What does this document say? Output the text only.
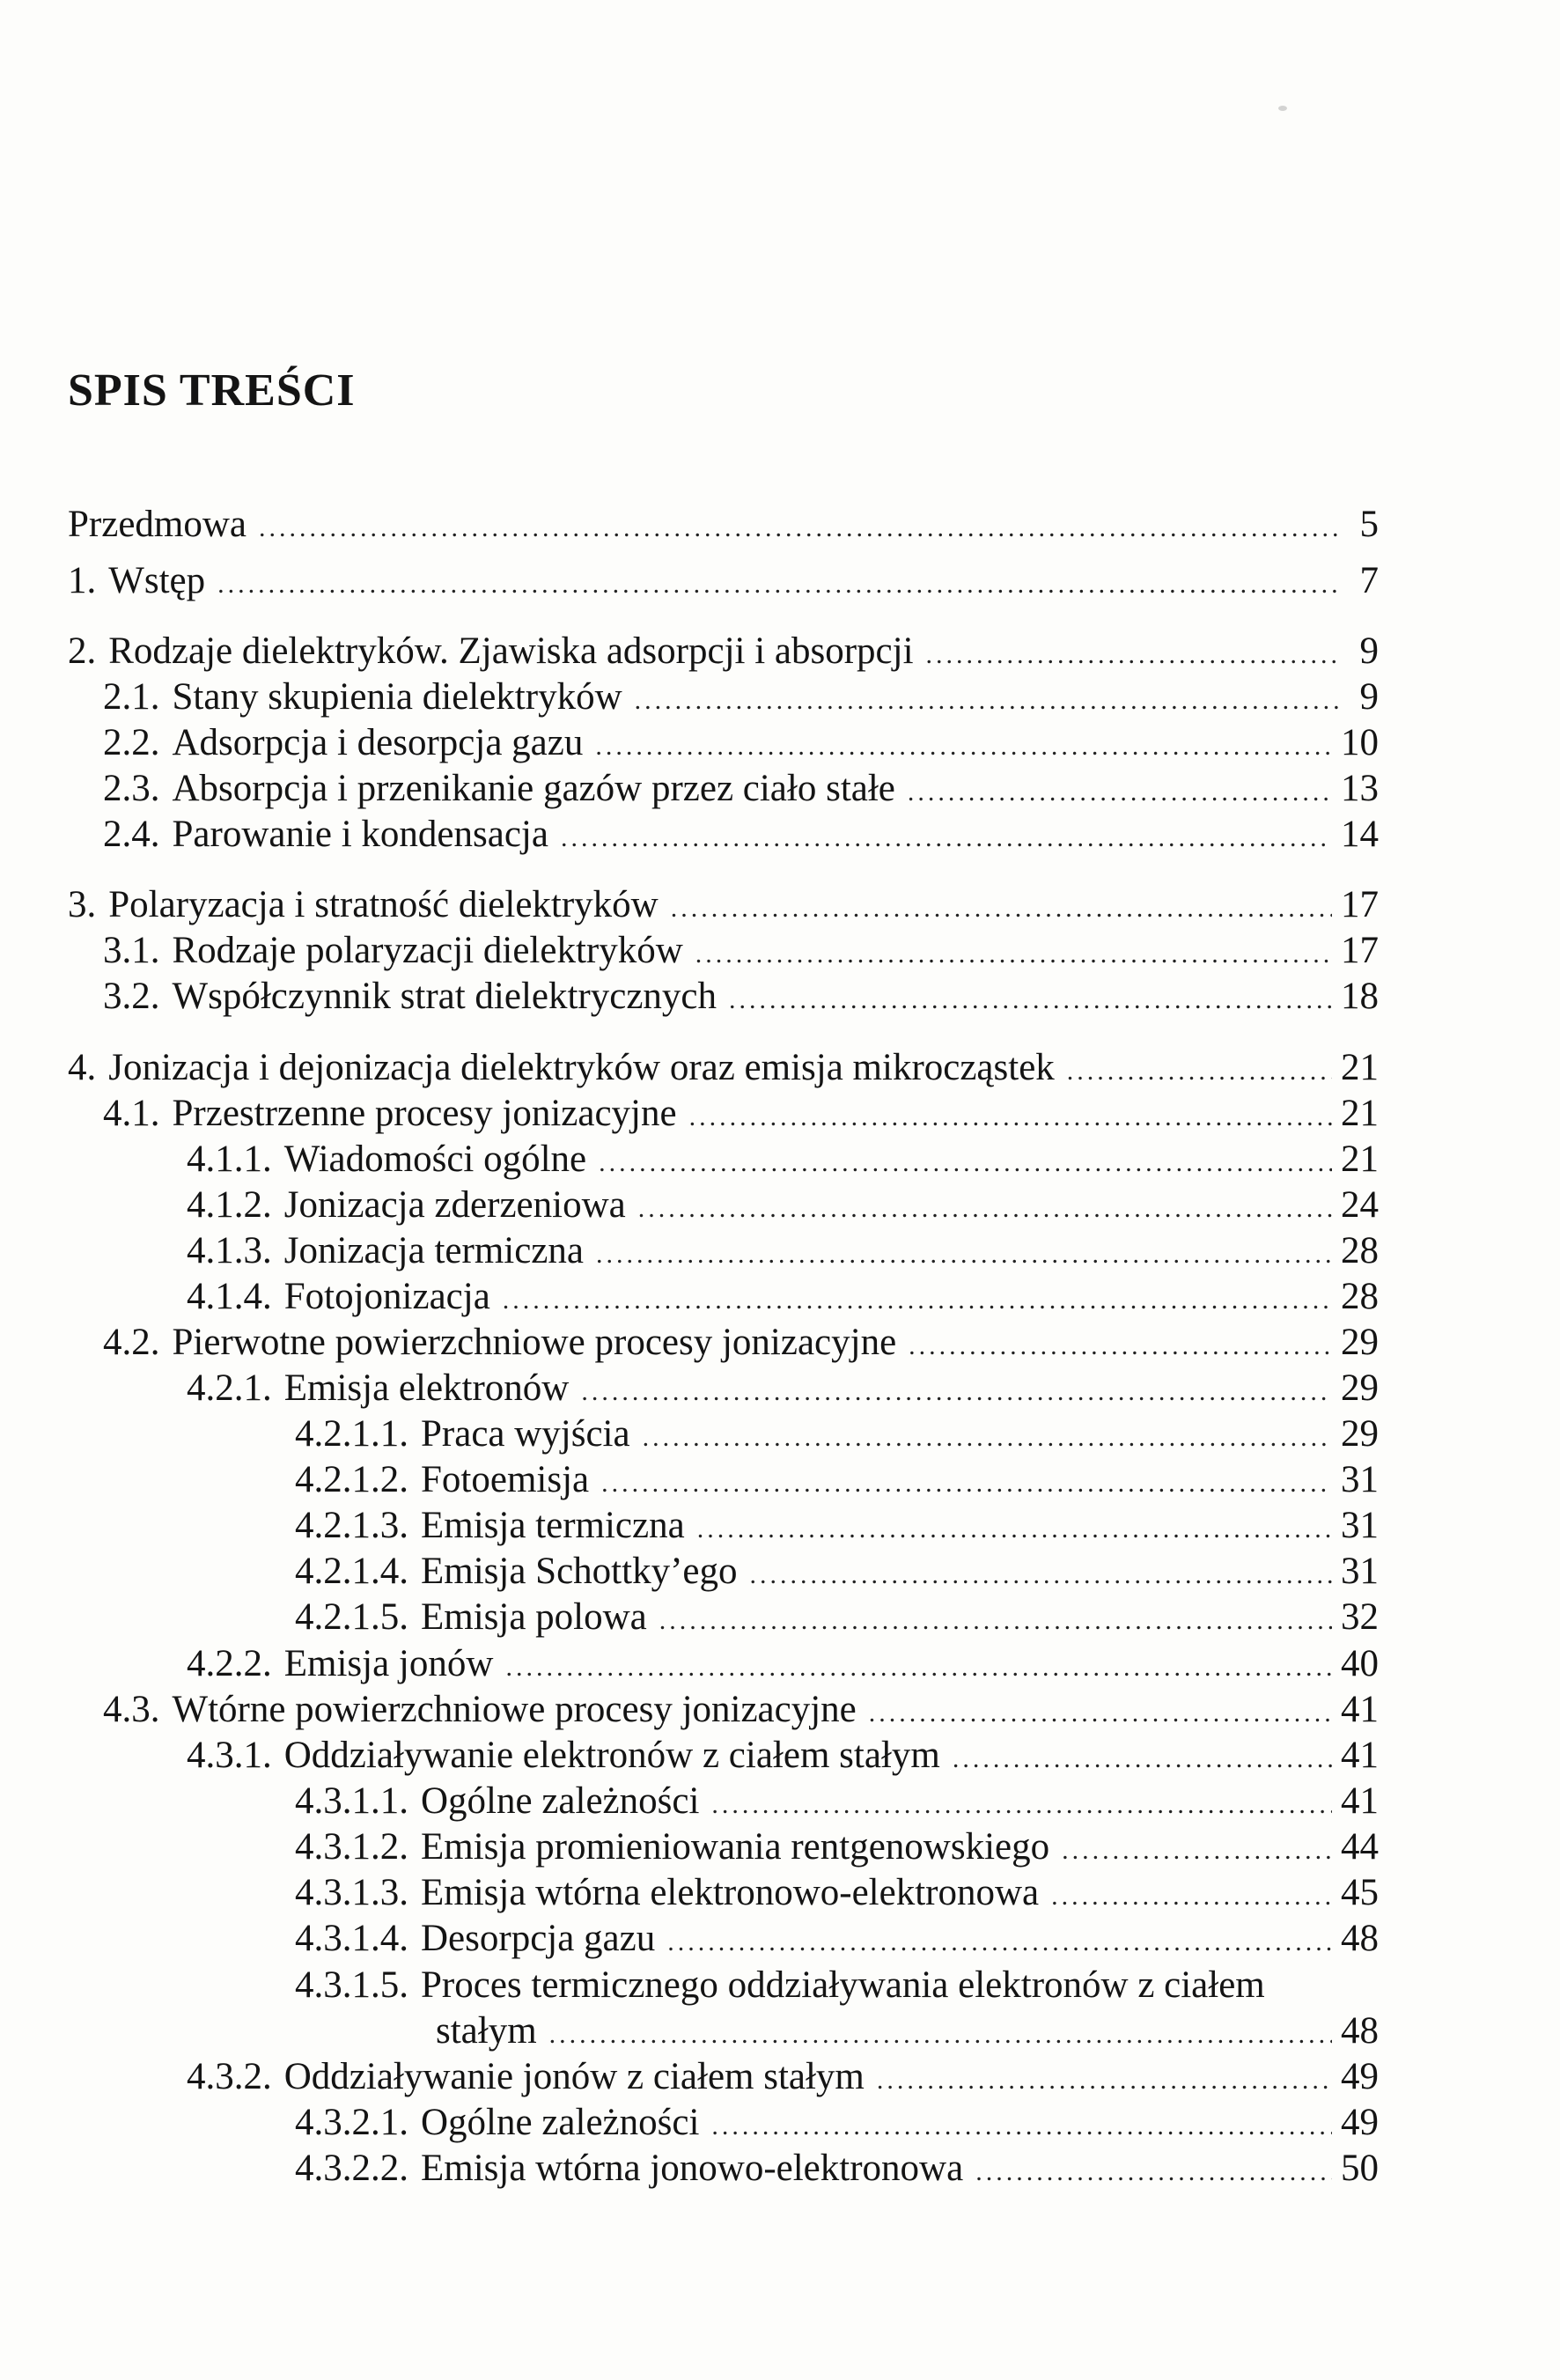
SPIS TREŚCI
Przedmowa .....	5
1. Wstęp .....	7
2. Rodzaje dielektryków. Zjawiska adsorpcji i absorpcji .....	9
2.1. Stany skupienia dielektryków .....	9
2.2. Adsorpcja i desorpcja gazu .....	10
2.3. Absorpcja i przenikanie gazów przez ciało stałe .....	13
2.4. Parowanie i kondensacja .....	14
3. Polaryzacja i stratność dielektryków .....	17
3.1. Rodzaje polaryzacji dielektryków .....	17
3.2. Współczynnik strat dielektrycznych .....	18
4. Jonizacja i dejonizacja dielektryków oraz emisja mikrocząstek .....	21
4.1. Przestrzenne procesy jonizacyjne .....	21
4.1.1. Wiadomości ogólne .....	21
4.1.2. Jonizacja zderzeniowa .....	24
4.1.3. Jonizacja termiczna .....	28
4.1.4. Fotojonizacja .....	28
4.2. Pierwotne powierzchniowe procesy jonizacyjne .....	29
4.2.1. Emisja elektronów .....	29
4.2.1.1. Praca wyjścia .....	29
4.2.1.2. Fotoemisja .....	31
4.2.1.3. Emisja termiczna .....	31
4.2.1.4. Emisja Schottky’ego .....	31
4.2.1.5. Emisja polowa .....	32
4.2.2. Emisja jonów .....	40
4.3. Wtórne powierzchniowe procesy jonizacyjne .....	41
4.3.1. Oddziaływanie elektronów z ciałem stałym .....	41
4.3.1.1. Ogólne zależności .....	41
4.3.1.2. Emisja promieniowania rentgenowskiego .....	44
4.3.1.3. Emisja wtórna elektronowo-elektronowa .....	45
4.3.1.4. Desorpcja gazu .....	48
4.3.1.5. Proces termicznego oddziaływania elektronów z ciałem
stałym .....	48
4.3.2. Oddziaływanie jonów z ciałem stałym .....	49
4.3.2.1. Ogólne zależności .....	49
4.3.2.2. Emisja wtórna jonowo-elektronowa .....	50
